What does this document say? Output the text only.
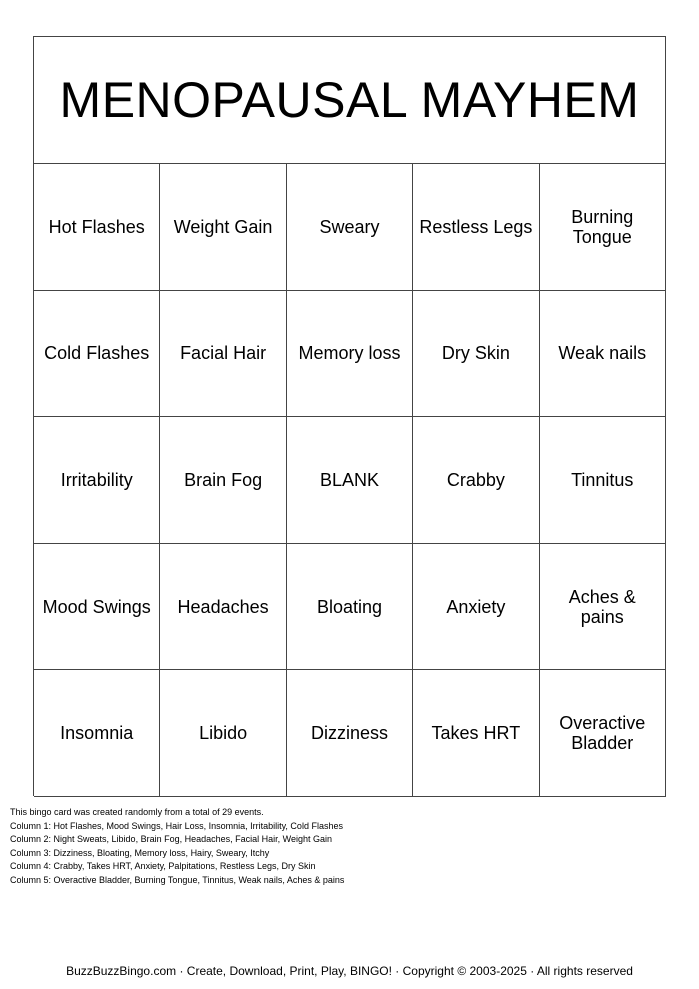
MENOPAUSAL MAYHEM
Hot Flashes	Weight Gain	Sweary	Restless Legs	Burning Tongue
Cold Flashes	Facial Hair	Memory loss	Dry Skin	Weak nails
Irritability	Brain Fog	BLANK	Crabby	Tinnitus
Mood Swings	Headaches	Bloating	Anxiety	Aches & pains
Insomnia	Libido	Dizziness	Takes HRT	Overactive Bladder
This bingo card was created randomly from a total of 29 events.
Column 1: Hot Flashes, Mood Swings, Hair Loss, Insomnia, Irritability, Cold Flashes
Column 2: Night Sweats, Libido, Brain Fog, Headaches, Facial Hair, Weight Gain
Column 3: Dizziness, Bloating, Memory loss, Hairy, Sweary, Itchy
Column 4: Crabby, Takes HRT, Anxiety, Palpitations, Restless Legs, Dry Skin
Column 5: Overactive Bladder, Burning Tongue, Tinnitus, Weak nails, Aches & pains
BuzzBuzzBingo.com · Create, Download, Print, Play, BINGO! · Copyright © 2003-2025 · All rights reserved
